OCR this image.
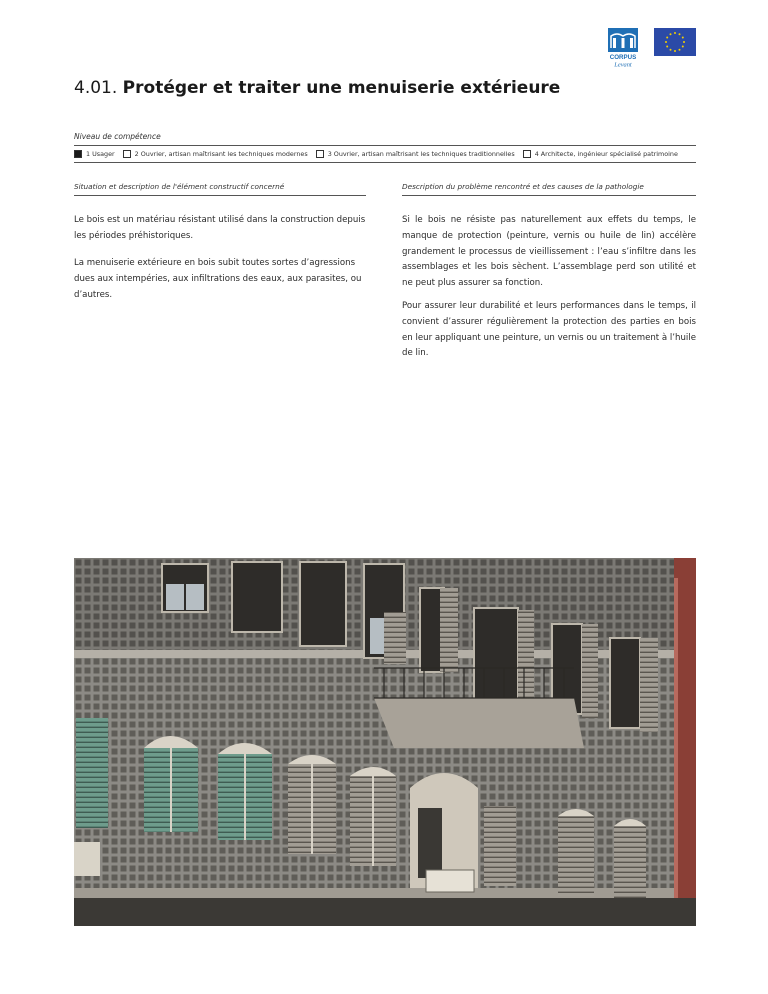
CORPUS
Levant
4.01. Protéger et traiter une menuiserie extérieure
Niveau de compétence
1 Usager	2 Ouvrier, artisan maîtrisant les techniques modernes	3 Ouvrier, artisan maîtrisant les techniques traditionnelles	4 Architecte, ingénieur spécialisé patrimoine
Situation et description de l'élément constructif concerné	Description du problème rencontré et des causes de la pathologie

Le bois est un matériau résistant utilisé dans la construction depuis les périodes préhistoriques.

La menuiserie extérieure en bois subit toutes sortes d’agressions dues aux intempéries, aux infiltrations des eaux, aux parasites, ou d’autres.

Si le bois ne résiste pas naturellement aux effets du temps, le manque de protection (peinture, vernis ou huile de lin) accélère grandement le processus de vieillissement : l’eau s’infiltre dans les assemblages et les bois sèchent. L’assemblage perd son utilité et ne peut plus assurer sa fonction.

Pour assurer leur durabilité et leurs performances dans le temps, il convient d’assurer régulièrement la protection des parties en bois en leur appliquant une peinture, un vernis ou un traitement à l’huile de lin.
